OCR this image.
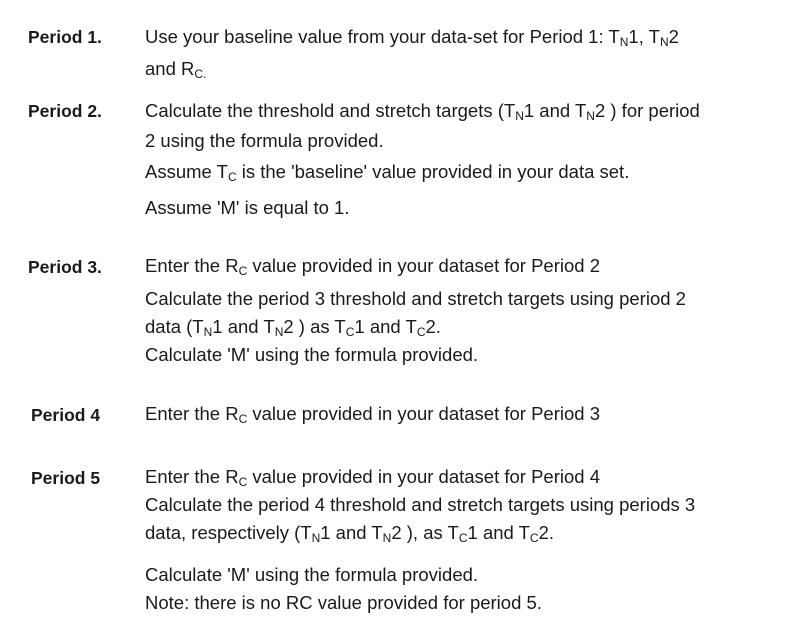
Period 1. Use your baseline value from your data-set for Period 1: $T_N1$, $T_N2$
and $R_{C.}$
Period 2. Calculate the threshold and stretch targets ($T_N1$ and $T_N2$ ) for period
2 using the formula provided.
Assume $T_C$ is the 'baseline' value provided in your data set.
Assume 'M' is equal to 1.
Period 3. Enter the $R_C$ value provided in your dataset for Period 2
Calculate the period 3 threshold and stretch targets using period 2
data ($T_N1$ and $T_N2$ ) as $T_C1$ and $T_C2$.
Calculate 'M' using the formula provided.
Period 4 Enter the $R_C$ value provided in your dataset for Period 3
Period 5 Enter the $R_C$ value provided in your dataset for Period 4
Calculate the period 4 threshold and stretch targets using periods 3
data, respectively ($T_N1$ and $T_N2$ ), as $T_C1$ and $T_C2$.
Calculate 'M' using the formula provided.
Note: there is no RC value provided for period 5.
